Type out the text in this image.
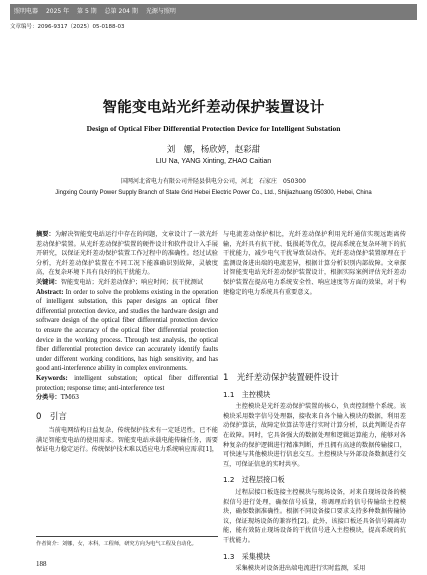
照明电器 2025 年 第 5 期 总第 204 期 光源与照明
文章编号：2096-9317（2025）05-0188-03
智能变电站光纤差动保护装置设计
Design of Optical Fiber Differential Protection Device for Intelligent Substation
刘　娜，杨欣婷，赵彩甜
LIU Na, YANG Xinting, ZHAO Caitian
国网河北省电力有限公司井陉县供电分公司，河北　石家庄　050300
Jingxing County Power Supply Branch of State Grid Hebei Electric Power Co., Ltd., Shijiazhuang 050300, Hebei, China
摘要：为解决智能变电站运行中存在的问题，文章设计了一款光纤差动保护装置。从光纤差动保护装置的硬件设计和软件设计入手展开研究，以保证光纤差动保护装置工作过程中的准确性。经过试验分析，光纤差动保护装置在不同工况下能准确识别故障，灵敏度高，在复杂环境下具有良好的抗干扰能力。
关键词：智能变电站；光纤差动保护；响应时间；抗干扰测试
Abstract: In order to solve the problems existing in the operation of intelligent substation, this paper designs an optical fiber differential protection device, and studies the hardware design and software design of the optical fiber differential protection device to ensure the accuracy of the optical fiber differential protection device in the working process. Through test analysis, the optical fiber differential protection device can accurately identify faults under different working conditions, has high sensitivity, and has good anti-interference ability in complex environments.
Keywords: intelligent substation; optical fiber differential protection; response time; anti-interference test
分类号：TM63
0　引言

当前电网结构日益复杂，传统保护技术有一定延迟性，已不能满足智能变电站的使用需求。智能变电站承载电能传输任务，需要保证电力稳定运行。传统保护技术难以适应电力系统响应需求[1]，

与电流差动保护相比，光纤差动保护利用光纤通信实现远距离传输，光纤具有抗干扰、低损耗等优点，提高系统在复杂环境下的抗干扰能力，减少电气干扰导致误动作。光纤差动保护装置原理在于监测设备进出端的电流差异，根据计算分析识别内部故障。文章探讨智能变电站光纤差动保护装置设计，根据实际案例评估光纤差动保护装置在提高电力系统安全性、响应速度等方面的效果，对于构建稳定的电力系统具有重要意义。

1　光纤差动保护装置硬件设计
1.1　主控模块

主控模块是光纤差动保护装置的核心，负责控制整个系统。该模块采用数字信号处理器，接收来自各个输入模块的数据，利用差动保护算法，故障定位算法等进行实时计算分析，以此判断是否存在故障。同时，它具备强大的数据处理和逻辑运算能力，能够对各种复杂的保护逻辑进行精准判断，并且拥有高速的数据传输接口，可快速与其他模块进行信息交互。主控模块与外部设备数据进行交互，可保证信息的实时共享。

1.2　过程层接口板

过程层接口板连接主控模块与现场设备，对来自现场设备的模拟信号进行处理，确保信号质量，将调理后的信号传输给主控模块，确保数据准确性。根据不同设备接口要求支持多种数据传输协议，保证现场设备的兼容性[2]。此外，该接口板还具备信号隔离功能，能有效防止现场设备的干扰信号进入主控模块，提高系统的抗干扰能力。

1.3　采集模块

采集模块对设备进出端电流进行实时监测，采用

作者简介：刘娜，女，本科，工程师，研究方向为电气工程及自动化。
188
